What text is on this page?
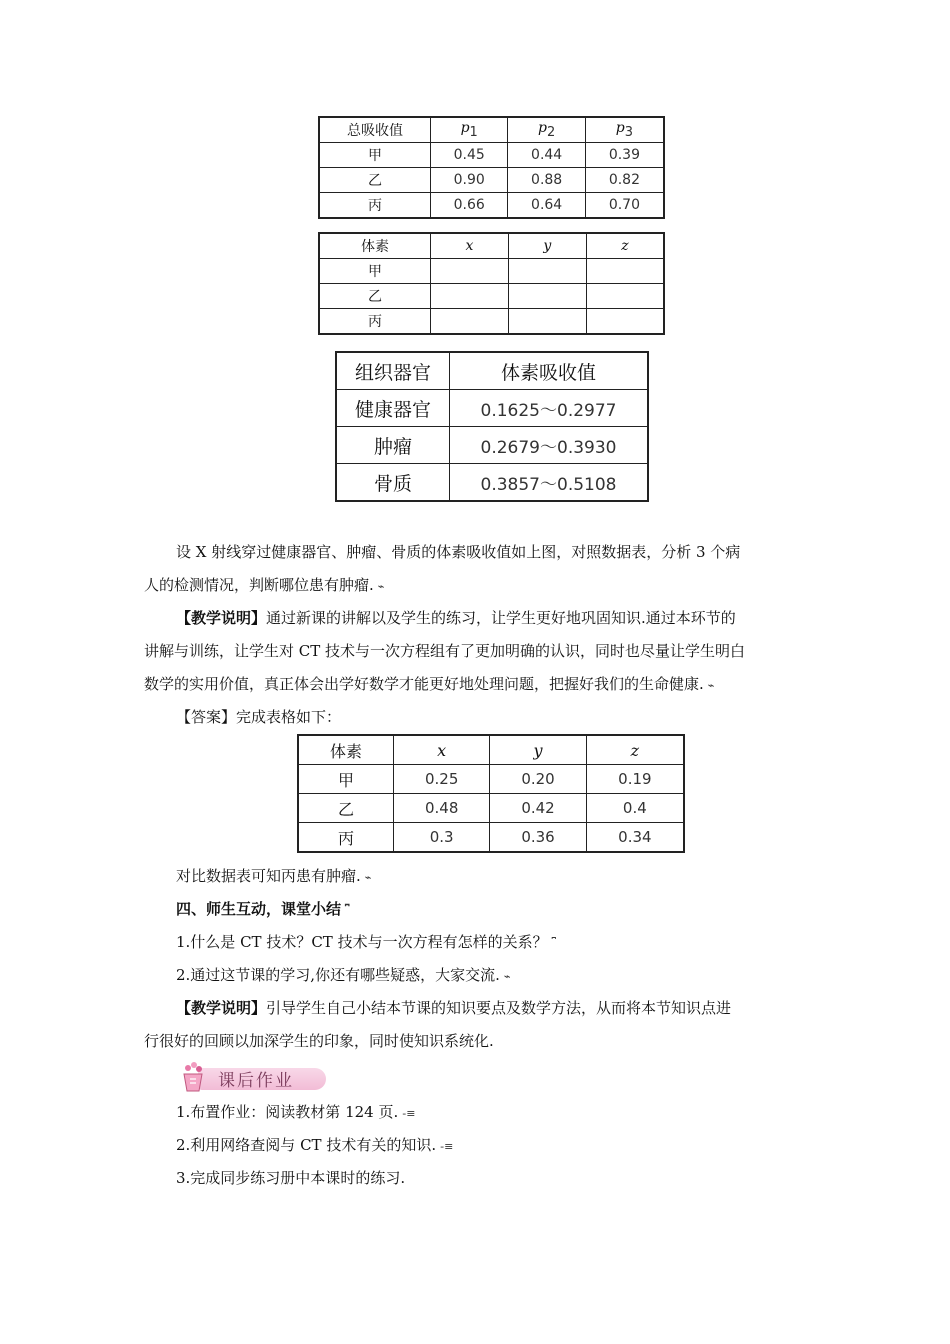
总吸收值	$p_1$	$p_2$	$p_3$
甲	0.45	0.44	0.39
乙	0.90	0.88	0.82
丙	0.66	0.64	0.70
体素	x	y	z
甲			
乙			
丙			
组织器官	体素吸收值
健康器官	0.1625～0.2977
肿瘤	0.2679～0.3930
骨质	0.3857～0.5108
设 X 射线穿过健康器官、肿瘤、骨质的体素吸收值如上图，对照数据表，分析 3 个病
人的检测情况，判断哪位患有肿瘤. ⌁
【教学说明】通过新课的讲解以及学生的练习，让学生更好地巩固知识.通过本环节的
讲解与训练，让学生对 CT 技术与一次方程组有了更加明确的认识，同时也尽量让学生明白
数学的实用价值，真正体会出学好数学才能更好地处理问题，把握好我们的生命健康. ⌁
【答案】完成表格如下：
体素	x	y	z
甲	0.25	0.20	0.19
乙	0.48	0.42	0.4
丙	0.3	0.36	0.34
对比数据表可知丙患有肿瘤. ⌁
四、师生互动，课堂小结 ⎴
1.什么是 CT 技术？CT 技术与一次方程有怎样的关系？ ⎴
2.通过这节课的学习,你还有哪些疑惑，大家交流. ⌁
【教学说明】引导学生自己小结本节课的知识要点及数学方法，从而将本节知识点进
行很好的回顾以加深学生的印象，同时使知识系统化.
课后作业
1.布置作业：阅读教材第 124 页. -≡
2.利用网络查阅与 CT 技术有关的知识. -≡
3.完成同步练习册中本课时的练习.
